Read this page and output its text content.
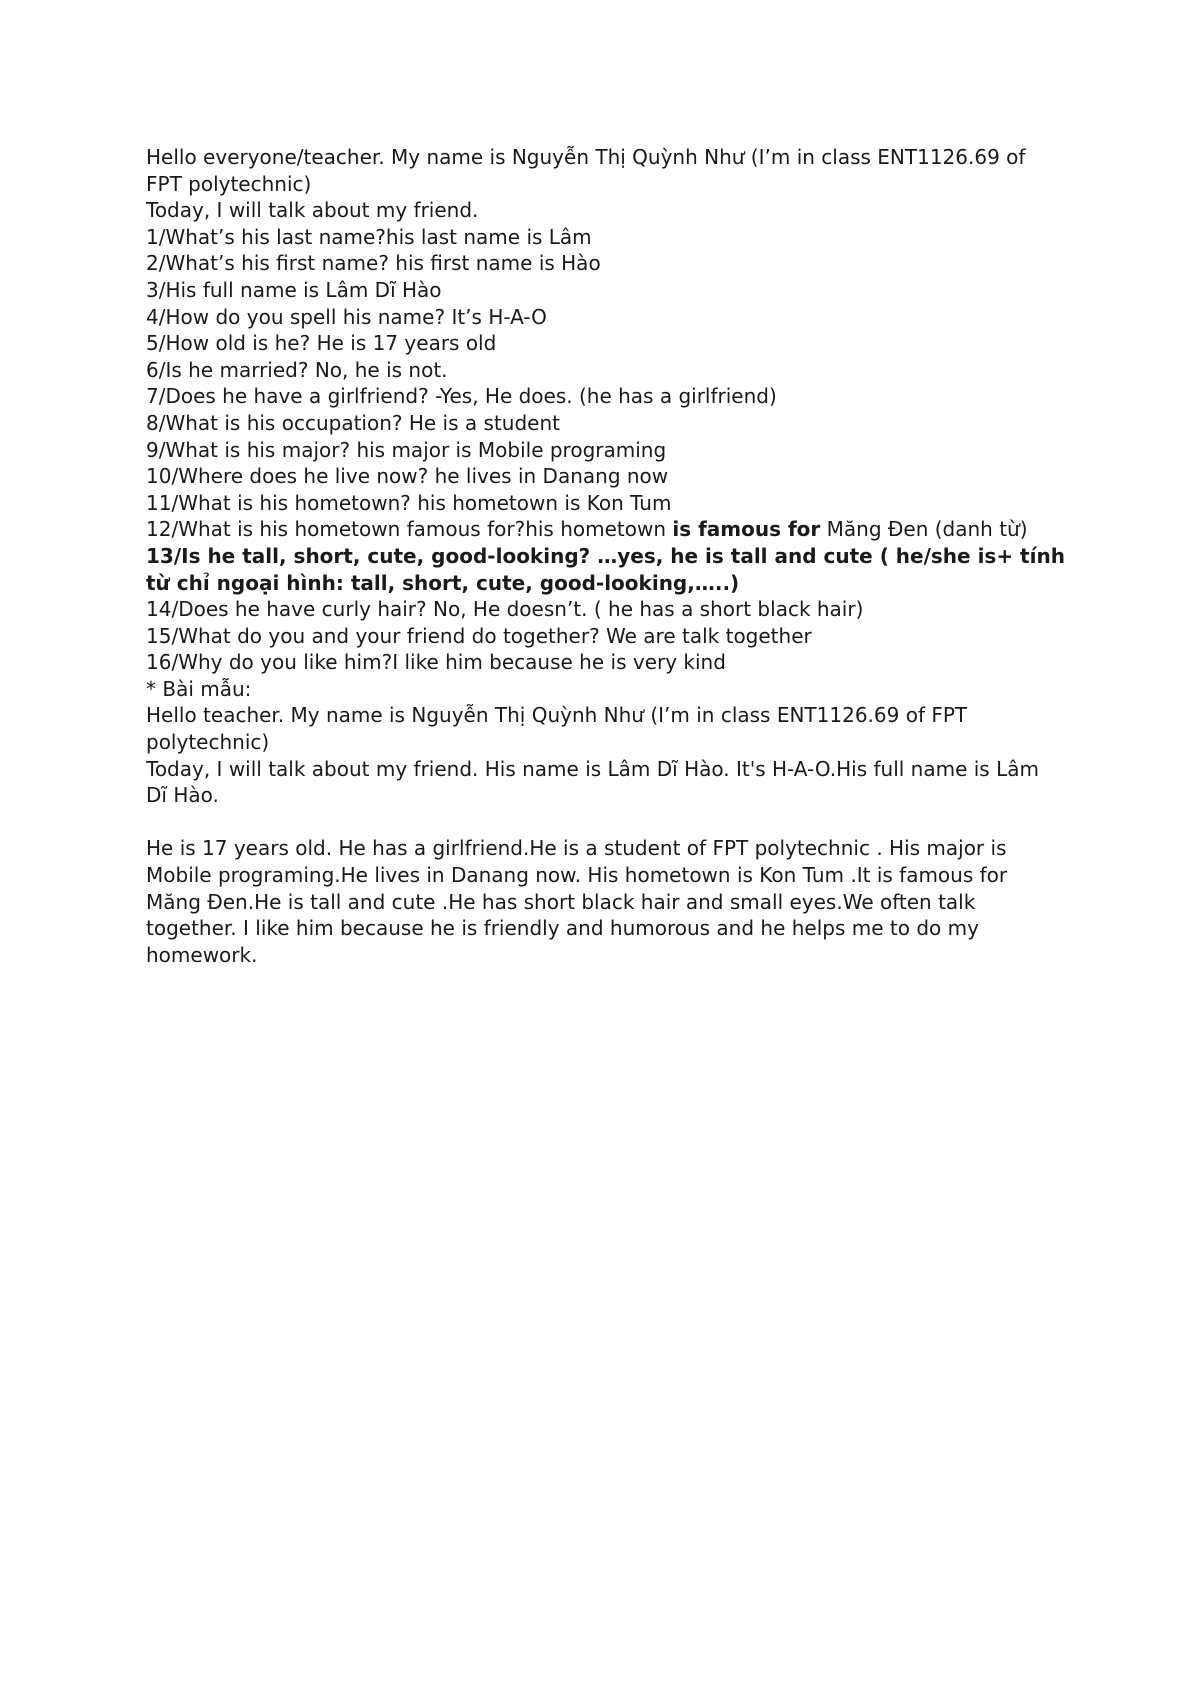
Hello everyone/teacher. My name is Nguyễn Thị Quỳnh Như (I’m in class ENT1126.69 of FPT polytechnic)

Today, I will talk about my friend.

1/What’s his last name?his last name is Lâm

2/What’s his first name? his first name is Hào

3/His full name is Lâm Dĩ Hào

4/How do you spell his name? It’s H-A-O

5/How old is he? He is 17 years old

6/Is he married? No, he is not.

7/Does he have a girlfriend? -Yes, He does. (he has a girlfriend)

8/What is his occupation? He is a student

9/What is his major? his major is Mobile programing

10/Where does he live now? he lives in Danang now

11/What is his hometown? his hometown is Kon Tum

12/What is his hometown famous for?his hometown is famous for Măng Đen (danh từ)

13/Is he tall, short, cute, good-looking? …yes, he is tall and cute ( he/she is+ tính từ chỉ ngoại hình: tall, short, cute, good-looking,…..)

14/Does he have curly hair? No, He doesn’t. ( he has a short black hair)

15/What do you and your friend do together? We are talk together

16/Why do you like him?I like him because he is very kind

* Bài mẫu:

Hello teacher. My name is Nguyễn Thị Quỳnh Như (I’m in class ENT1126.69 of FPT polytechnic)

Today, I will talk about my friend. His name is Lâm Dĩ Hào. It's H-A-O.His full name is Lâm Dĩ Hào.

He is 17 years old. He has a girlfriend.He is a student of FPT polytechnic . His major is Mobile programing.He lives in Danang now. His hometown is Kon Tum .It is famous for Măng Đen.He is tall and cute .He has short black hair and small eyes.We often talk together. I like him because he is friendly and humorous and he helps me to do my homework.
